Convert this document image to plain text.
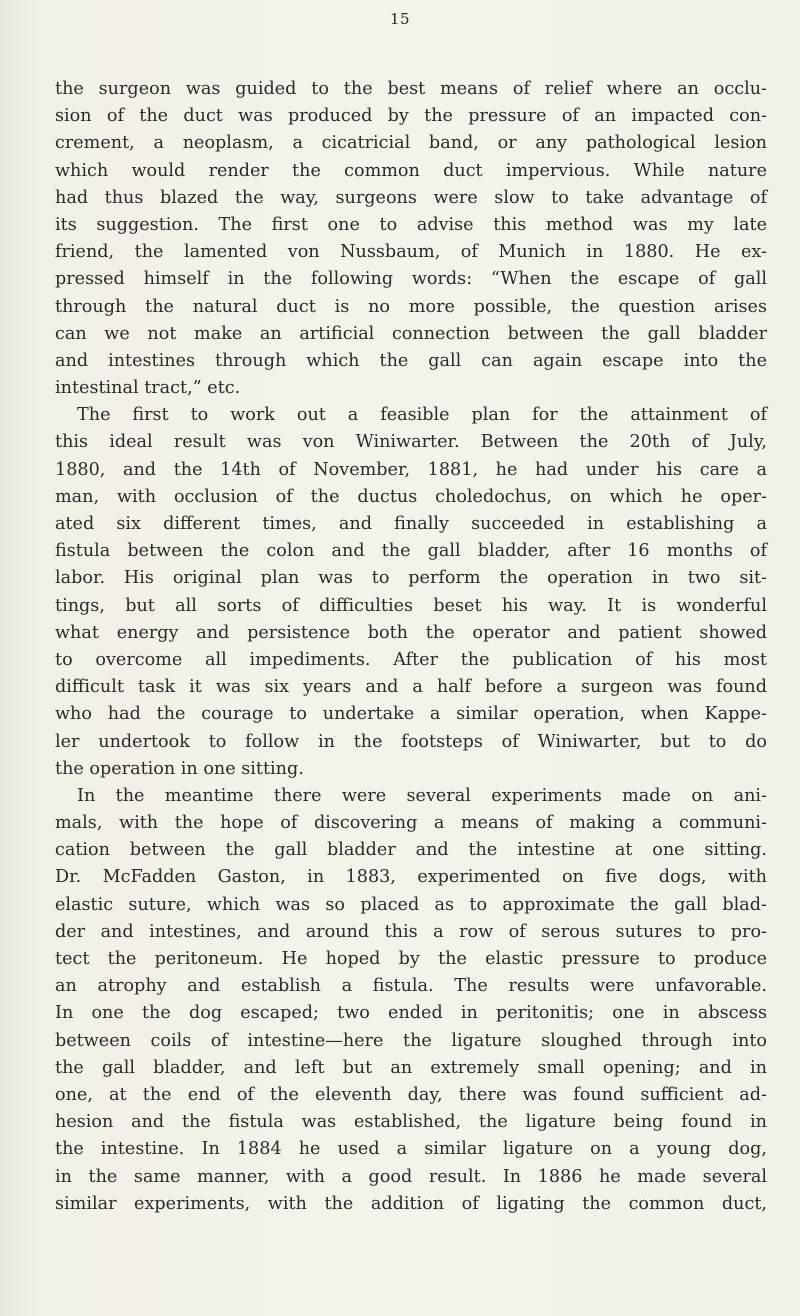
15
the surgeon was guided to the best means of relief where an occlu-
sion of the duct was produced by the pressure of an impacted con-
crement, a neoplasm, a cicatricial band, or any pathological lesion
which would render the common duct impervious. While nature
had thus blazed the way, surgeons were slow to take advantage of
its suggestion. The first one to advise this method was my late
friend, the lamented von Nussbaum, of Munich in 1880. He ex-
pressed himself in the following words: “When the escape of gall
through the natural duct is no more possible, the question arises
can we not make an artificial connection between the gall bladder
and intestines through which the gall can again escape into the
intestinal tract,” etc.
The first to work out a feasible plan for the attainment of
this ideal result was von Winiwarter. Between the 20th of July,
1880, and the 14th of November, 1881, he had under his care a
man, with occlusion of the ductus choledochus, on which he oper-
ated six different times, and finally succeeded in establishing a
fistula between the colon and the gall bladder, after 16 months of
labor. His original plan was to perform the operation in two sit-
tings, but all sorts of difficulties beset his way. It is wonderful
what energy and persistence both the operator and patient showed
to overcome all impediments. After the publication of his most
difficult task it was six years and a half before a surgeon was found
who had the courage to undertake a similar operation, when Kappe-
ler undertook to follow in the footsteps of Winiwarter, but to do
the operation in one sitting.
In the meantime there were several experiments made on ani-
mals, with the hope of discovering a means of making a communi-
cation between the gall bladder and the intestine at one sitting.
Dr. McFadden Gaston, in 1883, experimented on five dogs, with
elastic suture, which was so placed as to approximate the gall blad-
der and intestines, and around this a row of serous sutures to pro-
tect the peritoneum. He hoped by the elastic pressure to produce
an atrophy and establish a fistula. The results were unfavorable.
In one the dog escaped; two ended in peritonitis; one in abscess
between coils of intestine—here the ligature sloughed through into
the gall bladder, and left but an extremely small opening; and in
one, at the end of the eleventh day, there was found sufficient ad-
hesion and the fistula was established, the ligature being found in
the intestine. In 1884 he used a similar ligature on a young dog,
in the same manner, with a good result. In 1886 he made several
similar experiments, with the addition of ligating the common duct,
